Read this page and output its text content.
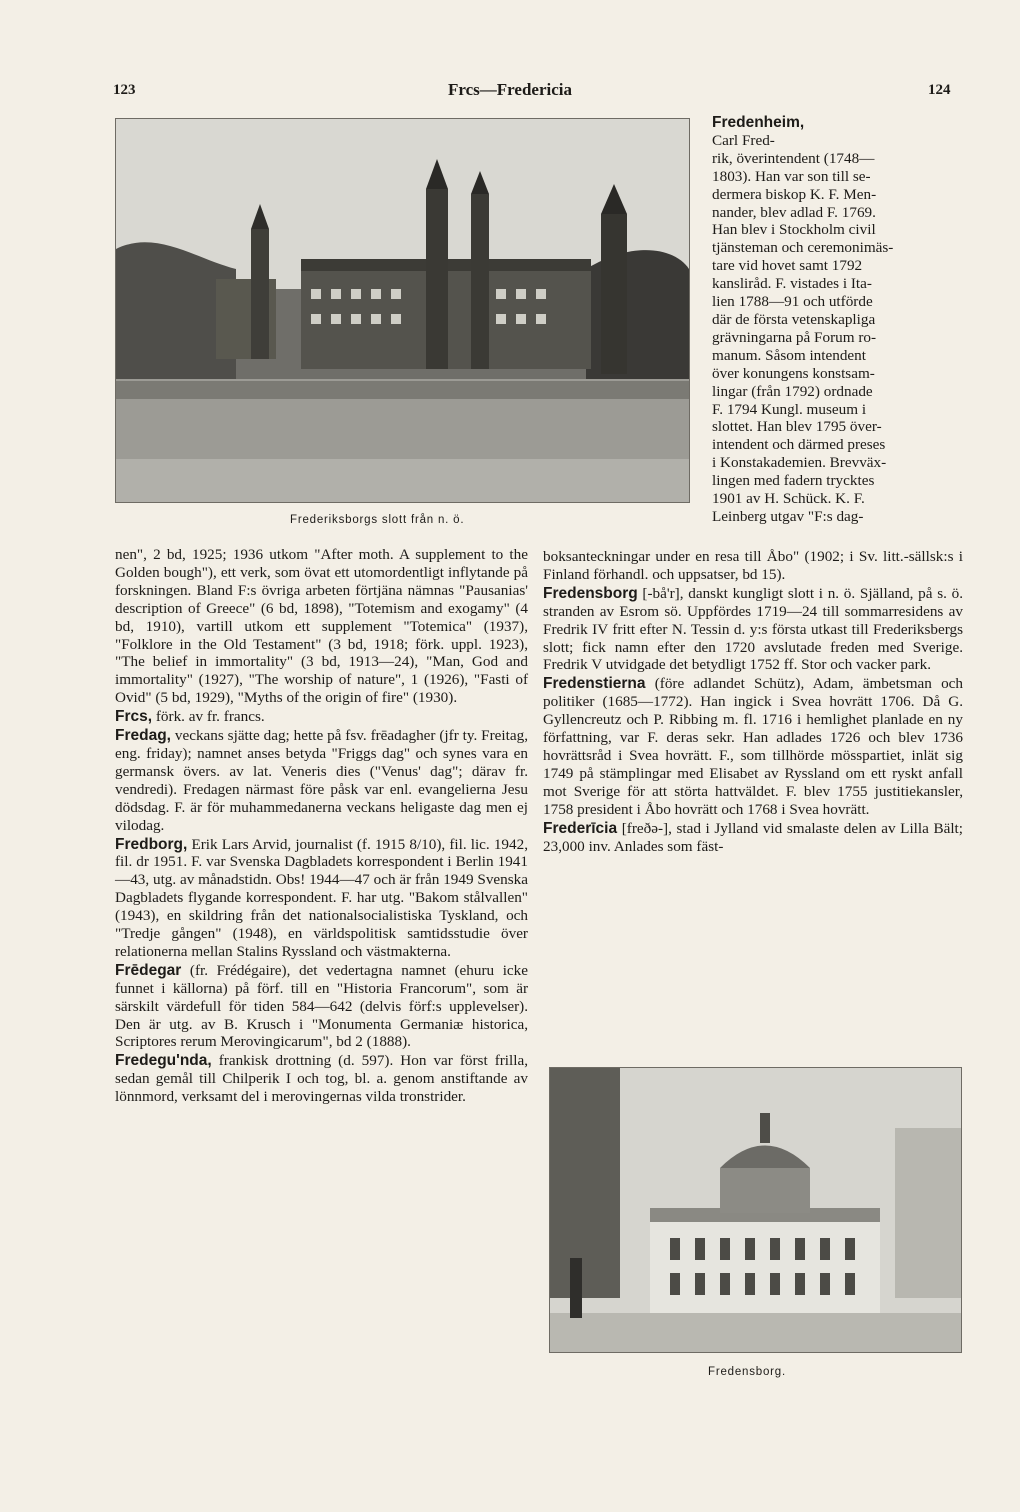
123	Frcs—Fredericia	124
Frederiksborgs slott från n. ö.

nen", 2 bd, 1925; 1936 utkom "After moth. A supplement to the Golden bough"), ett verk, som övat ett utomordentligt inflytande på forskningen. Bland F:s övriga arbeten förtjäna nämnas "Pausanias' description of Greece" (6 bd, 1898), "Totemism and exogamy" (4 bd, 1910), vartill utkom ett supplement "Totemica" (1937), "Folklore in the Old Testament" (3 bd, 1918; förk. uppl. 1923), "The belief in immortality" (3 bd, 1913—24), "Man, God and immortality" (1927), "The worship of nature", 1 (1926), "Fasti of Ovid" (5 bd, 1929), "Myths of the origin of fire" (1930).

Frcs, förk. av fr. francs.

Fredag, veckans sjätte dag; hette på fsv. frēadagher (jfr ty. Freitag, eng. friday); namnet anses betyda "Friggs dag" och synes vara en germansk övers. av lat. Veneris dies ("Venus' dag"; därav fr. vendredi). Fredagen närmast före påsk var enl. evangelierna Jesu dödsdag. F. är för muhammedanerna veckans heligaste dag men ej vilodag.

Fredborg, Erik Lars Arvid, journalist (f. 1915 8/10), fil. lic. 1942, fil. dr 1951. F. var Svenska Dagbladets korrespondent i Berlin 1941—43, utg. av månadstidn. Obs! 1944—47 och är från 1949 Svenska Dagbladets flygande korrespondent. F. har utg. "Bakom stålvallen" (1943), en skildring från det nationalsocialistiska Tyskland, och "Tredje gången" (1948), en världspolitisk samtidsstudie över relationerna mellan Stalins Ryssland och västmakterna.

Frēdegar (fr. Frédégaire), det vedertagna namnet (ehuru icke funnet i källorna) på förf. till en "Historia Francorum", som är särskilt värdefull för tiden 584—642 (delvis förf:s upplevelser). Den är utg. av B. Krusch i "Monumenta Germaniæ historica, Scriptores rerum Merovingicarum", bd 2 (1888).

Fredegu'nda, frankisk drottning (d. 597). Hon var först frilla, sedan gemål till Chilperik I och tog, bl. a. genom anstiftande av lönnmord, verksamt del i merovingernas vilda tronstrider.

Fredenheim,
Carl Fred-
rik, överintendent (1748—
1803). Han var son till se-
dermera biskop K. F. Men-
nander, blev adlad F. 1769.
Han blev i Stockholm civil
tjänsteman och ceremonimäs-
tare vid hovet samt 1792
kansliråd. F. vistades i Ita-
lien 1788—91 och utförde
där de första vetenskapliga
grävningarna på Forum ro-
manum. Såsom intendent
över konungens konstsam-
lingar (från 1792) ordnade
F. 1794 Kungl. museum i
slottet. Han blev 1795 över-
intendent och därmed preses
i Konstakademien. Brevväx-
lingen med fadern trycktes
1901 av H. Schück. K. F.
Leinberg utgav "F:s dag-

boksanteckningar under en resa till Åbo" (1902; i Sv. litt.-sällsk:s i Finland förhandl. och uppsatser, bd 15).

Fredensborg [-bå'r], danskt kungligt slott i n. ö. Själland, på s. ö. stranden av Esrom sö. Uppfördes 1719—24 till sommarresidens av Fredrik IV fritt efter N. Tessin d. y:s första utkast till Frederiksbergs slott; fick namn efter den 1720 avslutade freden med Sverige. Fredrik V utvidgade det betydligt 1752 ff. Stor och vacker park.

Fredenstierna (före adlandet Schütz), Adam, ämbetsman och politiker (1685—1772). Han ingick i Svea hovrätt 1706. Då G. Gyllencreutz och P. Ribbing m. fl. 1716 i hemlighet planlade en ny författning, var F. deras sekr. Han adlades 1726 och blev 1736 hovrättsråd i Svea hovrätt. F., som tillhörde mösspartiet, inlät sig 1749 på stämplingar med Elisabet av Ryssland om ett ryskt anfall mot Sverige för att störta hattväldet. F. blev 1755 justitiekansler, 1758 president i Åbo hovrätt och 1768 i Svea hovrätt.

Frederīcia [freðə-], stad i Jylland vid smalaste delen av Lilla Bält; 23,000 inv. Anlades som fäst-

Fredensborg.
